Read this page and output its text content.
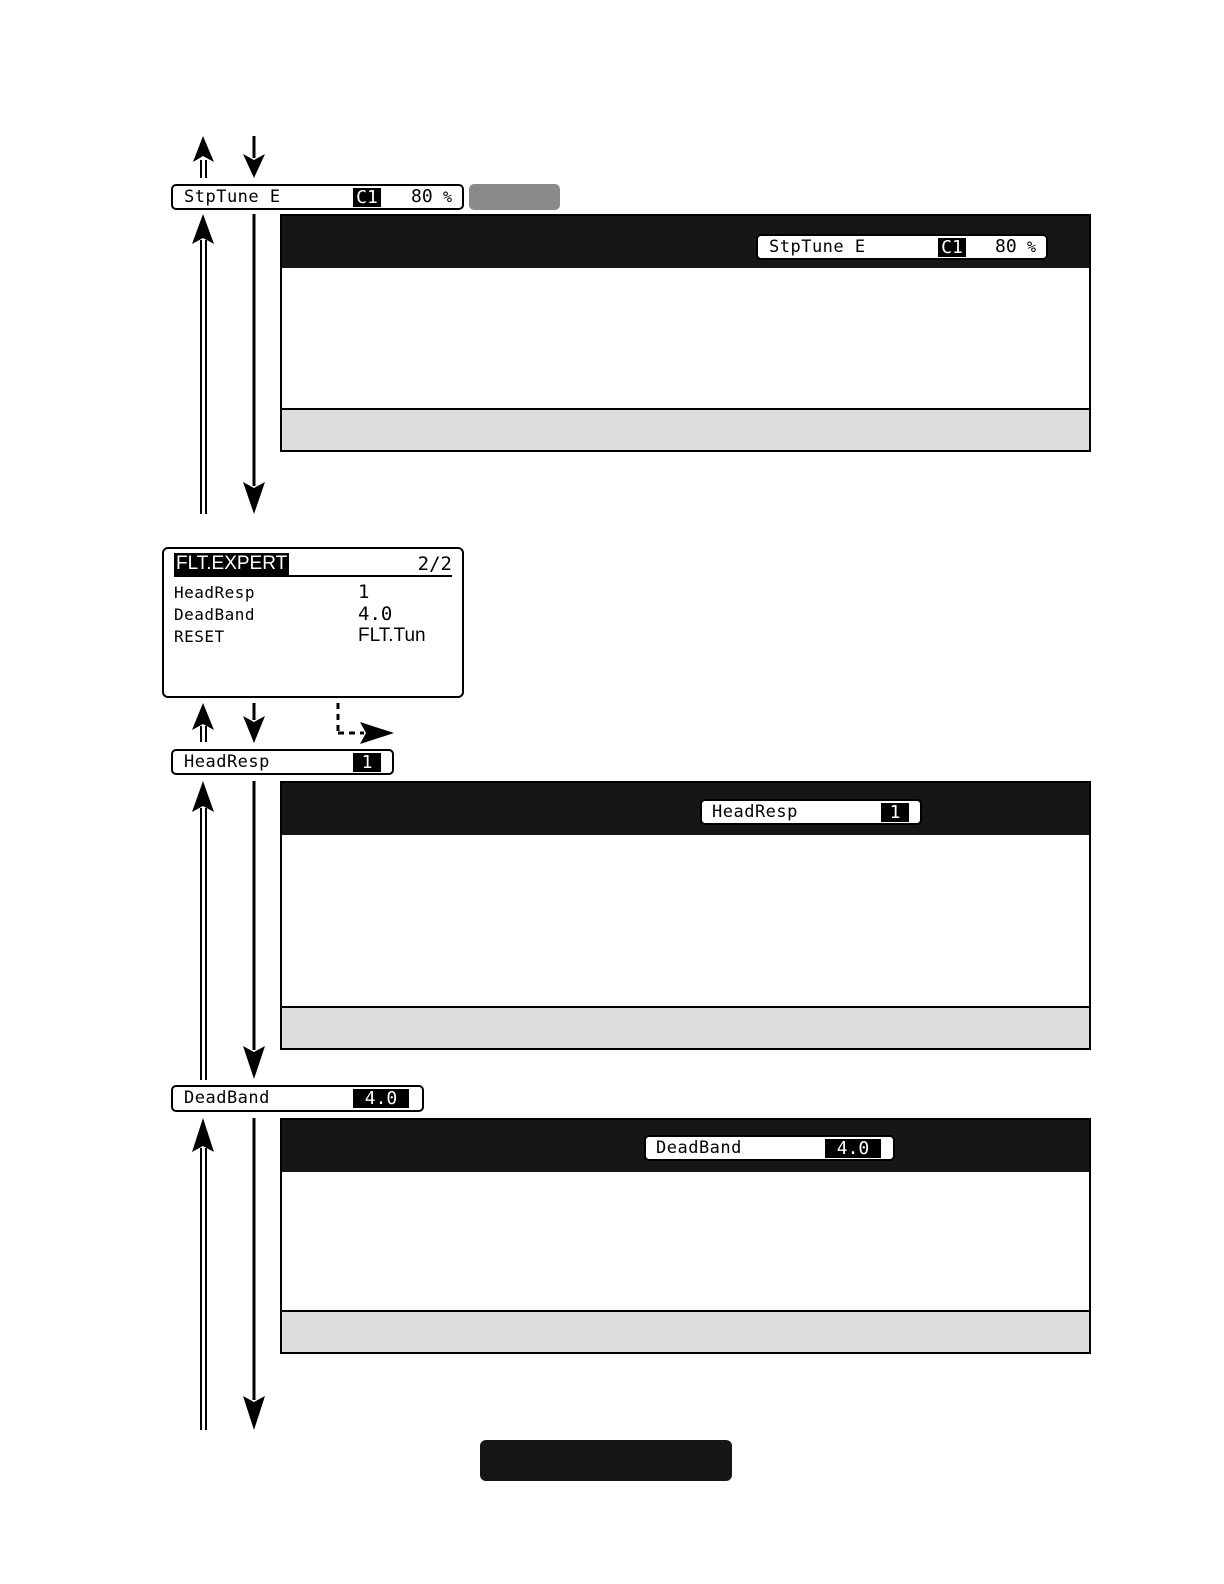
StpTune E	C1 80 %
StpTune E	C1 80 %
FLT.EXPERT	2/2
HeadResp	1
DeadBand	4.0
RESET	FLT.Tun
HeadResp	1
HeadResp	1
DeadBand	4.0
DeadBand	4.0
